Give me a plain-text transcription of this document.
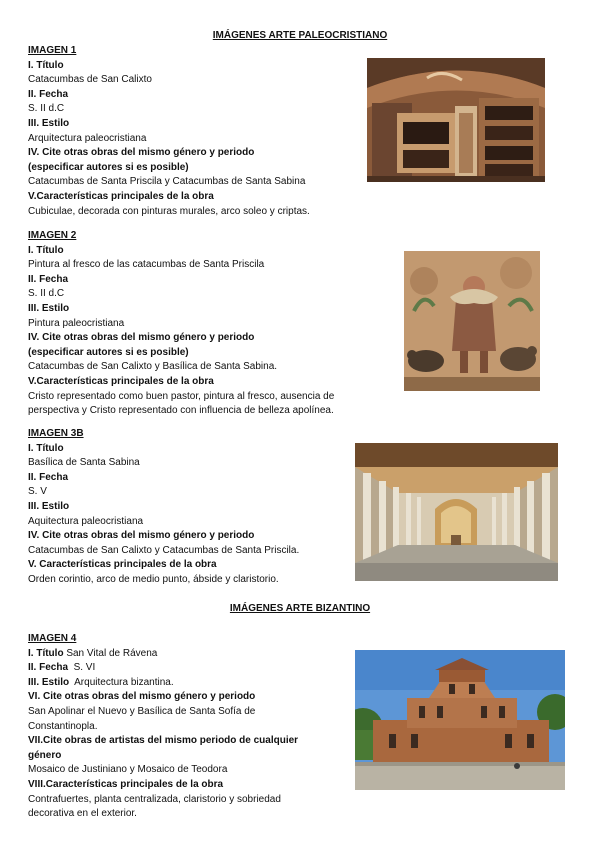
IMÁGENES ARTE PALEOCRISTIANO
IMAGEN 1
I. Título
Catacumbas de San Calixto
II. Fecha
S. II d.C
III. Estilo
Arquitectura paleocristiana
IV. Cite otras obras del mismo género y periodo
(especificar autores si es posible)
Catacumbas de Santa Priscila y Catacumbas de Santa Sabina
V.Características principales de la obra
Cubiculae, decorada con pinturas murales, arco soleo y criptas.
IMAGEN 2
I. Título
Pintura al fresco de las catacumbas de Santa Priscila
II. Fecha
S. II d.C
III. Estilo
Pintura paleocristiana
IV. Cite otras obras del mismo género y periodo
(especificar autores si es posible)
Catacumbas de San Calixto y Basílica de Santa Sabina.
V.Características principales de la obra
Cristo representado como buen pastor, pintura al fresco, ausencia de
perspectiva y Cristo representado con influencia de belleza apolínea.
IMAGEN 3B
I. Título
Basílica de Santa Sabina
II. Fecha
S. V
III. Estilo
Aquitectura paleocristiana
IV. Cite otras obras del mismo género y periodo
Catacumbas de San Calixto y Catacumbas de Santa Priscila.
V. Características principales de la obra
Orden corintio, arco de medio punto, ábside y claristorio.
IMÁGENES ARTE BIZANTINO
IMAGEN 4
I. Título San Vital de Rávena
II. Fecha S. VI
III. Estilo Arquitectura bizantina.
VI. Cite otras obras del mismo género y periodo
San Apolinar el Nuevo y Basílica de Santa Sofía de
Constantinopla.
VII.Cite obras de artistas del mismo periodo de cualquier
género
Mosaico de Justiniano y Mosaico de Teodora
VIII.Características principales de la obra
Contrafuertes, planta centralizada, claristorio y sobriedad
decorativa en el exterior.
